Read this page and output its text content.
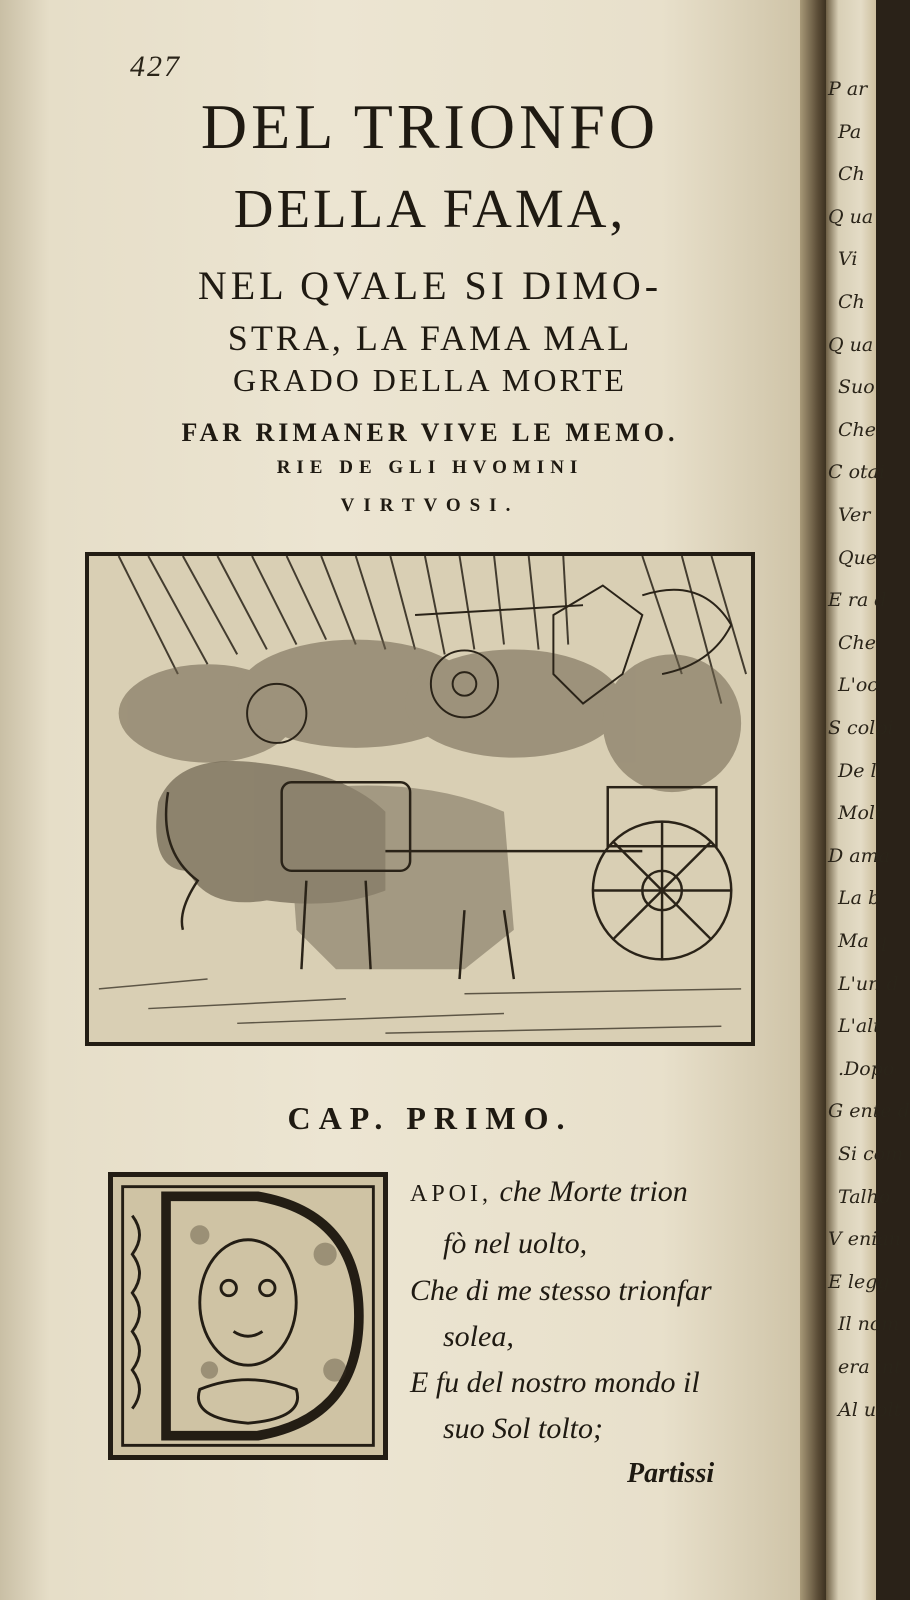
427
DEL TRIONFO
DELLA FAMA,
NEL QVALE SI DIMO-
STRA, LA FAMA MAL
GRADO DELLA MORTE
FAR RIMANER VIVE LE MEMO.
RIE DE GLI HVOMINI
VIRTVOSI.
CAP. PRIMO.
APOI, che Morte trion
fò nel uolto,
Che di me stesso trionfar
solea,
E fu del nostro mondo il
suo Sol tolto;
Partissi
P ar
Pa
Ch
Q ua
Vi
Ch
Q ua
Suo
Che
C otai
Ver
Que
E ra d
Che
L'oc
S colpi
De l'
Molt
D ama
La b
Ma q
L'un d
L'alt
.Dopo
G ente d
Si com
Talho
V enian
E legg
Il nom
era int
Al uolt
